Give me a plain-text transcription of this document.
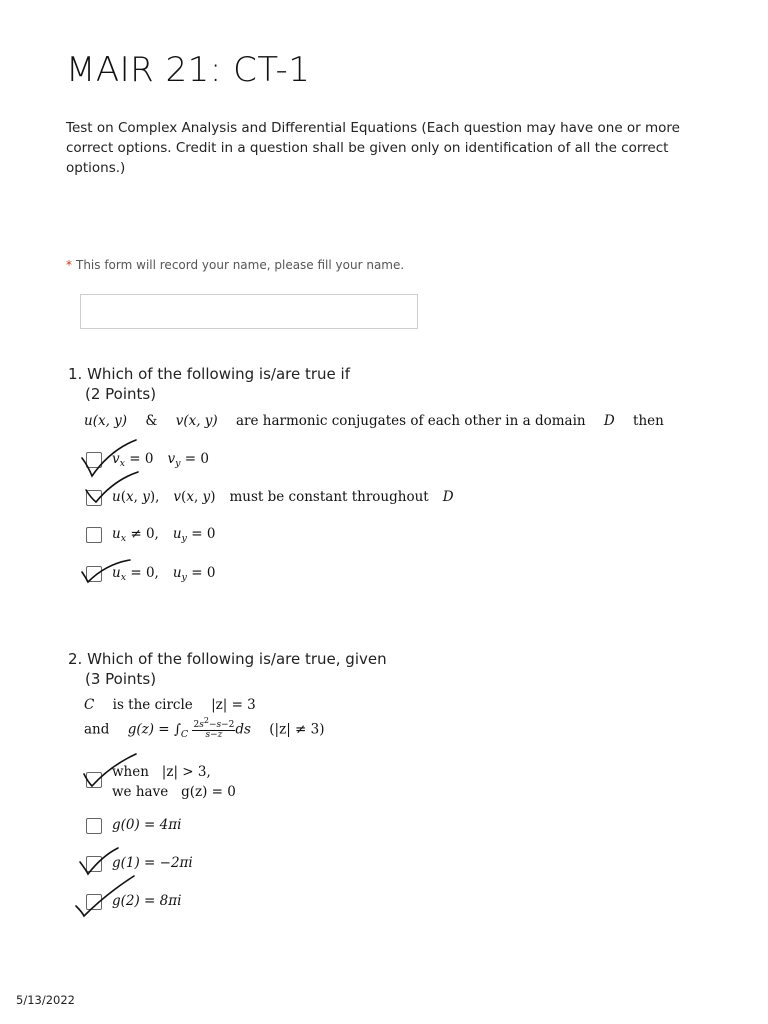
MAIR 21: CT-1

Test on Complex Analysis and Differential Equations (Each question may have one or more correct options. Credit in a question shall be given only on identification of all the correct options.)

* This form will record your name, please fill your name.
1. Which of the following is/are true if
(2 Points)
u(x, y) & v(x, y) are harmonic conjugates of each other in a domain D then
$v_x = 0$ $v_y = 0$
u(x, y), v(x, y) must be constant throughout D
$u_x \ne 0$, $u_y = 0$
$u_x = 0$, $u_y = 0$
2. Which of the following is/are true, given
(3 Points)
C is the circle |z| = 3
and $g(z) = \int_C \frac{2s2-s-2}{s-z}$ ds (|z| ≠ 3)
when   |z| > 3,
we have   g(z) = 0
g(0) = 4πi
g(1) = −2πi
g(2) = 8πi
5/13/2022
